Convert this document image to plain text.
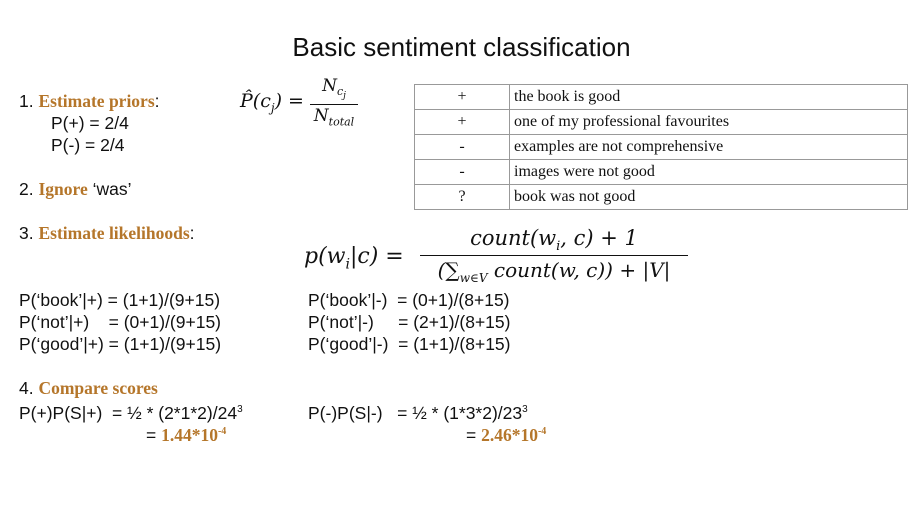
Basic sentiment classification
1. Estimate priors:
P(+) = 2/4
P(-) = 2/4
$P̂(c_j)$ =
$N_{c_j}$
$N_{total}$
+	the book is good
+	one of my professional favourites
-	examples are not comprehensive
-	images were not good
?	book was not good
2. Ignore ‘was’
3. Estimate likelihoods:
$p(w_i|c)$ =
$count(w_i$, c) + 1
($\sum_{w\in V}$ count(w, c)) + |V|
P(‘book’|+) = (1+1)/(9+15)
P(‘not’|+)    = (0+1)/(9+15)
P(‘good’|+) = (1+1)/(9+15)
P(‘book’|-)  = (0+1)/(8+15)
P(‘not’|-)     = (2+1)/(8+15)
P(‘good’|-)  = (1+1)/(8+15)
4. Compare scores
P(+)P(S|+)  = ½ * $(2*1*2)/24^3$
= $1.44*10^{-4}$
P(-)P(S|-)   = ½ * $(1*3*2)/23^3$
= $2.46*10^{-4}$
